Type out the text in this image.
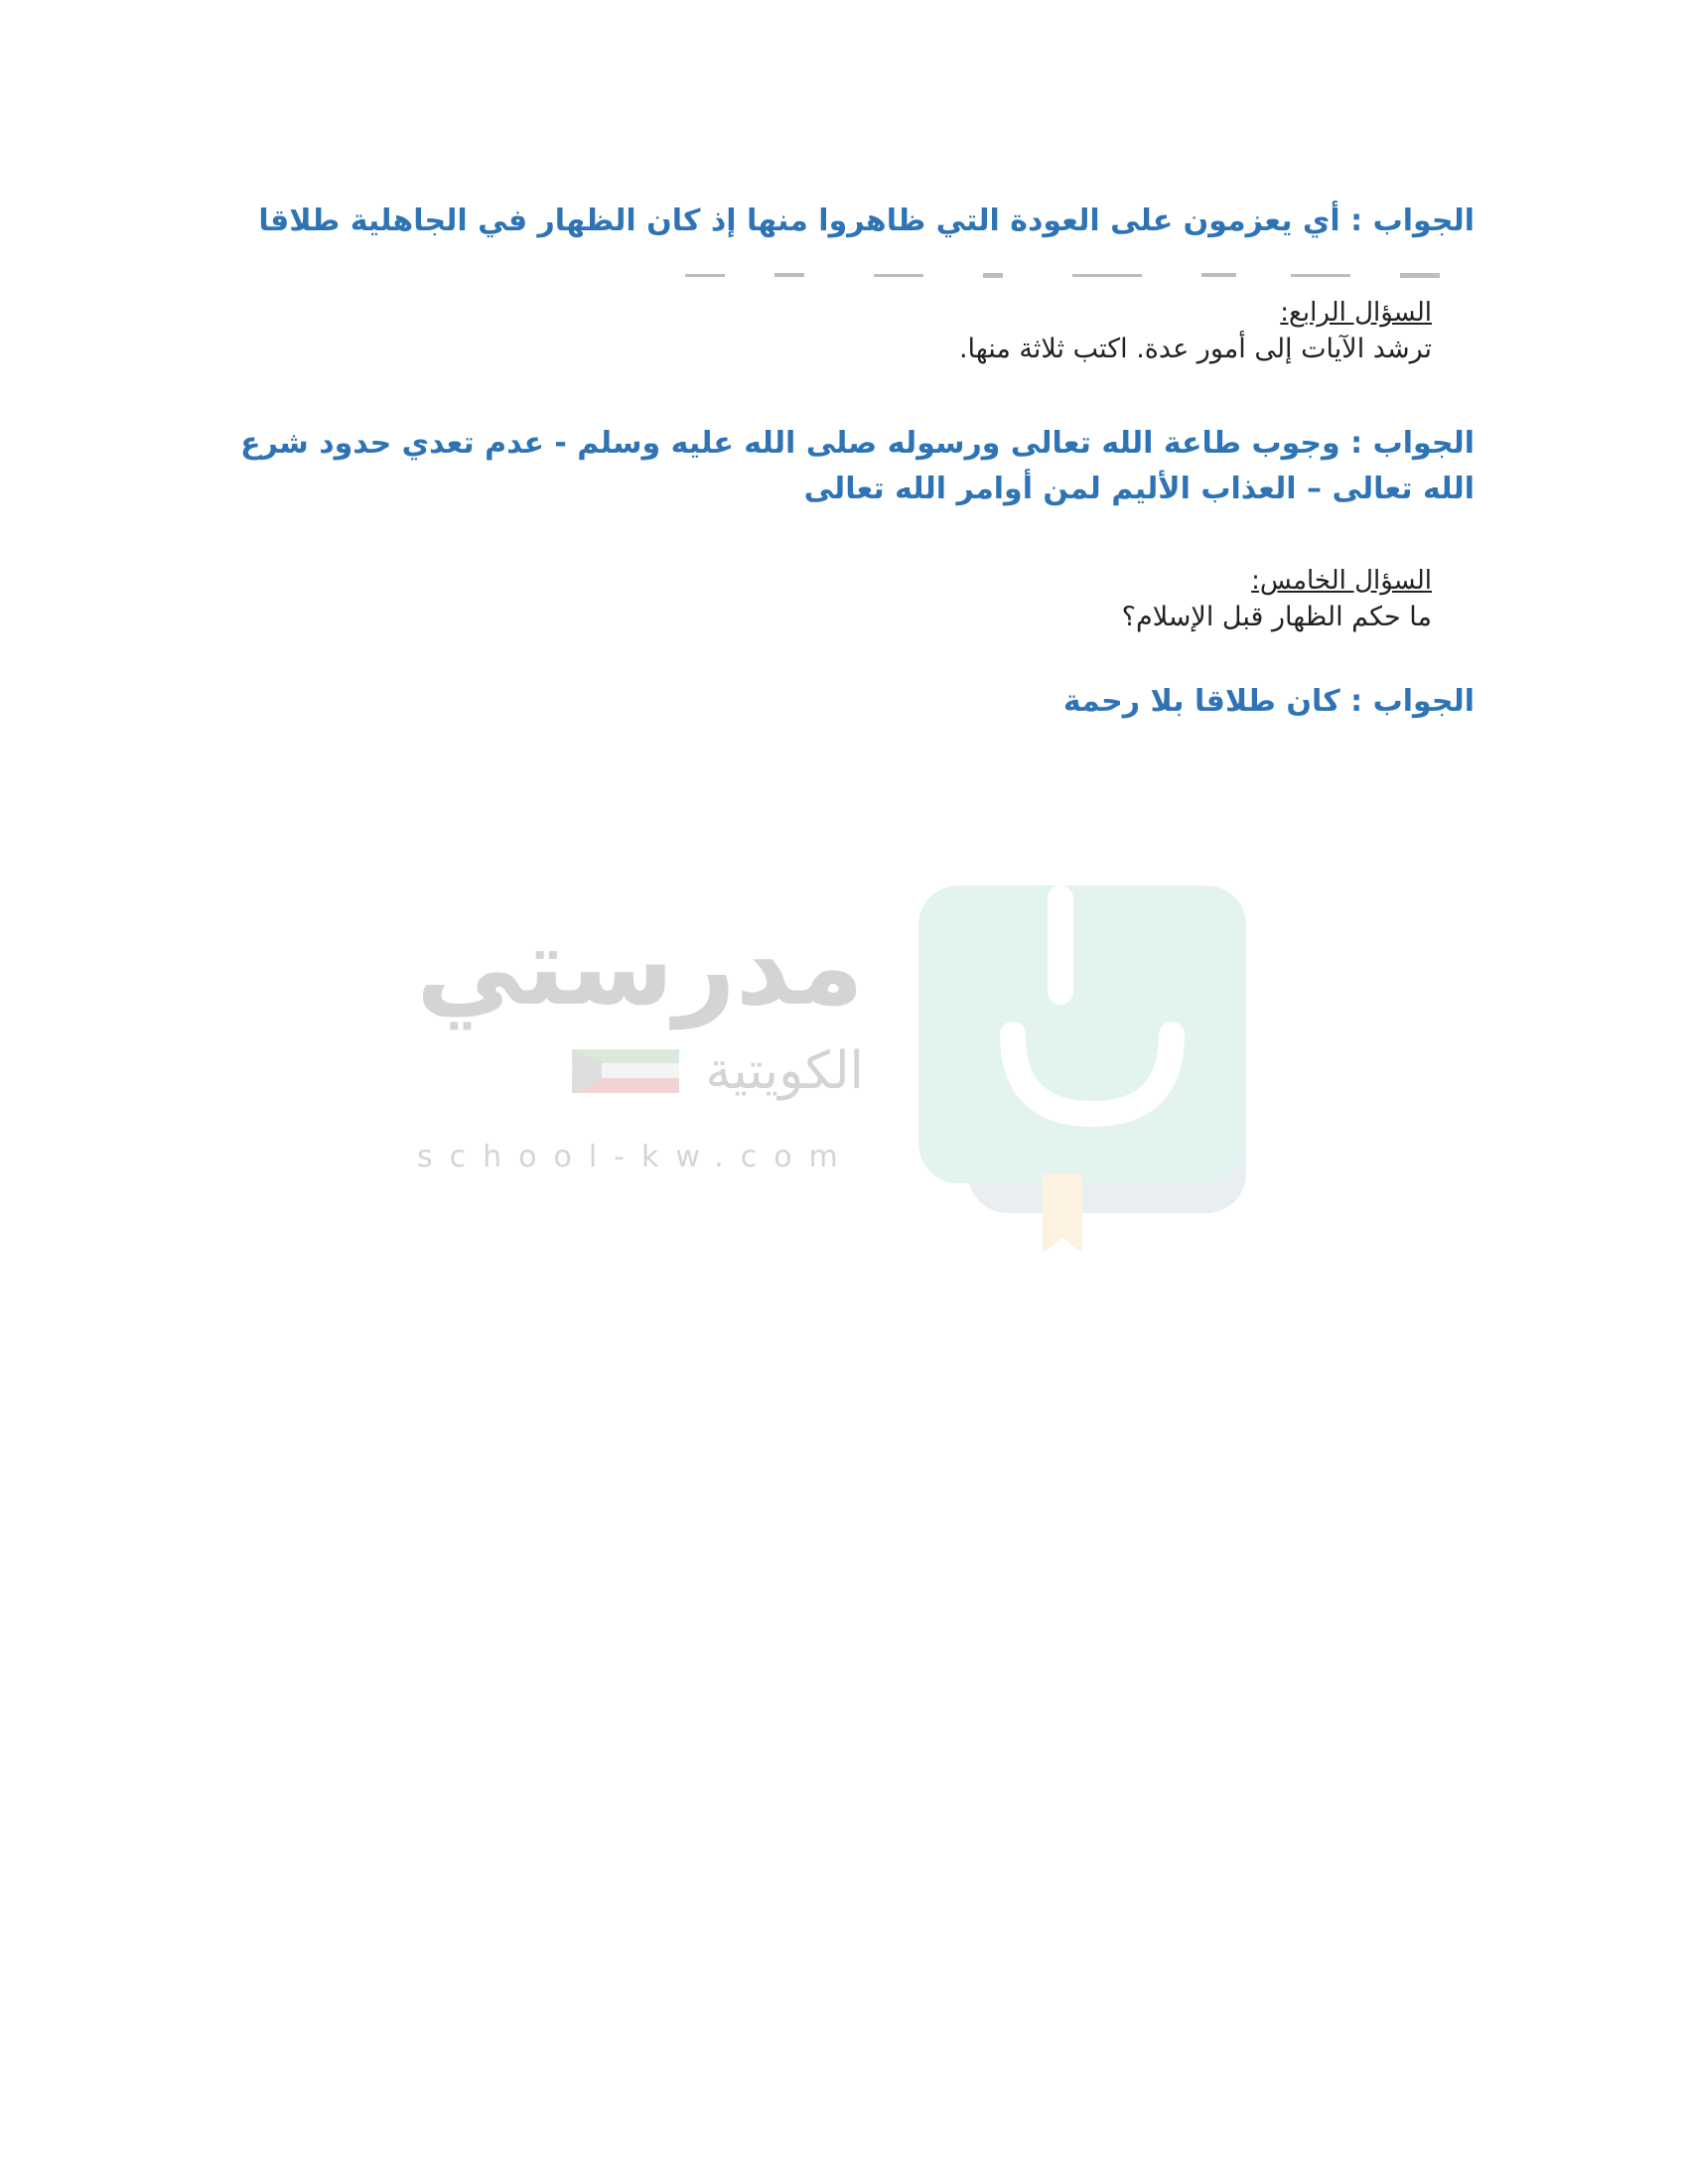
الجواب : أي يعزمون على العودة التي ظاهروا منها إذ كان الظهار في الجاهلية طلاقا
السؤال الرابع:
ترشد الآيات إلى أمور عدة. اكتب ثلاثة منها.
الجواب : وجوب طاعة الله تعالى ورسوله صلى الله عليه وسلم - عدم تعدي حدود شرع الله تعالى – العذاب الأليم لمن أوامر الله تعالى
السؤال الخامس:
ما حكم الظهار قبل الإسلام؟
الجواب : كان طلاقا بلا رحمة
مدرستي
الكويتية
school-kw.com
